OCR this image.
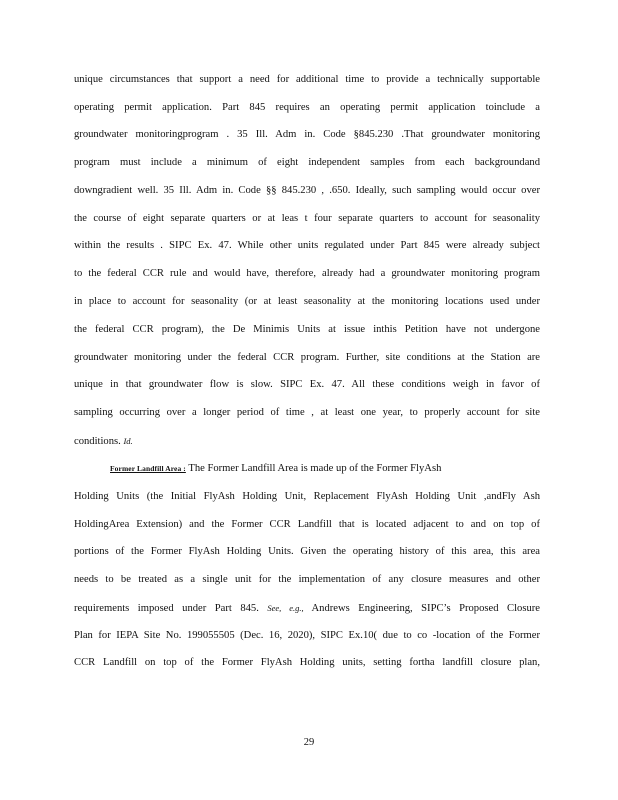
unique circumstances that support a need for additional time to provide a technically supportable
operating permit application. Part 845 requires an operating permit application toinclude a
groundwater monitoringprogram . 35 Ill. Adm in. Code §845.230 .That groundwater monitoring
program must include a minimum of eight independent samples from each backgroundand
downgradient well. 35 Ill. Adm in. Code §§ 845.230 , .650. Ideally, such sampling would occur over
the course of eight separate quarters or at leas t four separate quarters to account for seasonality
within the results . SIPC Ex. 47. While other units regulated under Part 845 were already subject
to the federal CCR rule and would have, therefore, already had a groundwater monitoring program
in place to account for seasonality (or at least seasonality at the monitoring locations used under
the federal CCR program), the De Minimis Units at issue inthis Petition have not undergone
groundwater monitoring under the federal CCR program. Further, site conditions at the Station are
unique in that groundwater flow is slow. SIPC Ex. 47. All these conditions weigh in favor of
sampling occurring over a longer period of time , at least one year, to properly account for site
conditions. Id.
Former Landfill Area : The Former Landfill Area is made up of the Former FlyAsh
Holding Units (the Initial FlyAsh Holding Unit, Replacement FlyAsh Holding Unit ,andFly Ash
HoldingArea Extension) and the Former CCR Landfill that is located adjacent to and on top of
portions of the Former FlyAsh Holding Units. Given the operating history of this area, this area
needs to be treated as a single unit for the implementation of any closure measures and other
requirements imposed under Part 845. See, e.g., Andrews Engineering, SIPC’s Proposed Closure
Plan for IEPA Site No. 199055505 (Dec. 16, 2020), SIPC Ex.10( due to co -location of the Former
CCR Landfill on top of the Former FlyAsh Holding units, setting fortha landfill closure plan,
29
